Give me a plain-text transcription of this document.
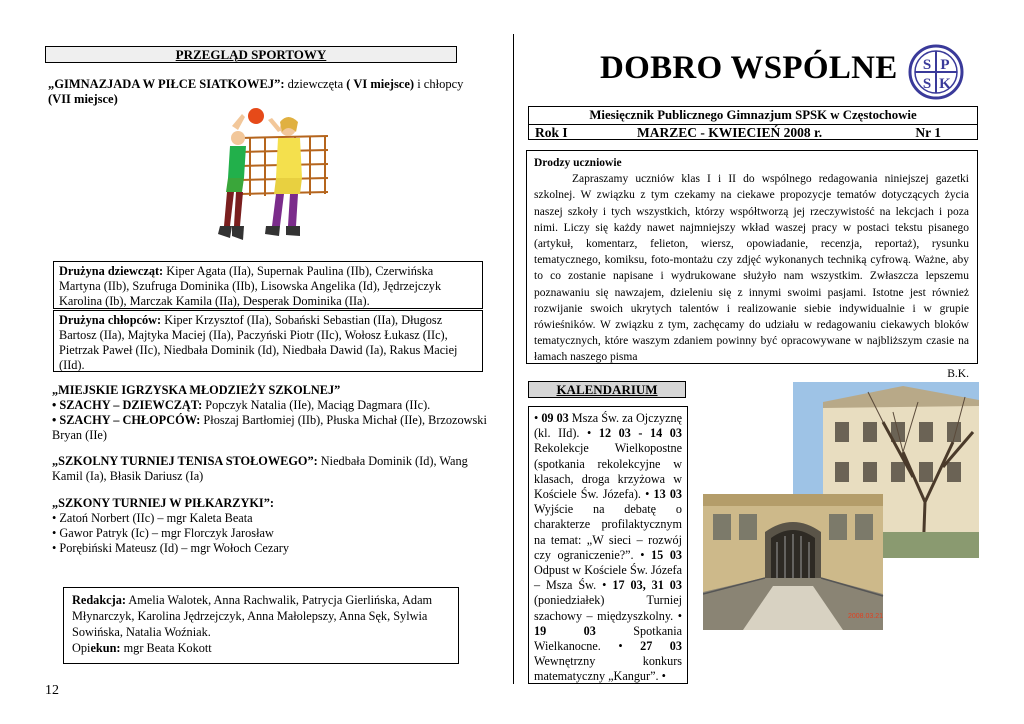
PRZEGLĄD SPORTOWY
„GIMNAZJADA W PIŁCE SIATKOWEJ”: dziewczęta ( VI miejsce) i chłopcy (VII miejsce)
Drużyna dziewcząt: Kiper Agata (IIa), Supernak Paulina (IIb), Czerwińska Martyna (IIb), Szufruga Dominika (IIb), Lisowska Angelika (Id), Jędrzejczyk Karolina (Ib), Marczak Kamila (IIa), Desperak Dominika (IIa).
Drużyna chłopców: Kiper Krzysztof (IIa), Sobański Sebastian (IIa), Długosz Bartosz (IIa), Majtyka Maciej (IIa), Paczyński Piotr (IIc), Wołosz Łukasz (IIc), Pietrzak Paweł (IIc), Niedbała Dominik (Id), Niedbała Dawid (Ia), Rakus Maciej (IId).
„MIEJSKIE IGRZYSKA MŁODZIEŻY SZKOLNEJ”
• SZACHY – DZIEWCZĄT: Popczyk Natalia (IIe), Maciąg Dagmara (IIc).
• SZACHY – CHŁOPCÓW: Płoszaj Bartłomiej (IIb), Płuska Michał (IIe), Brzozowski Bryan (IIe)
„SZKOLNY TURNIEJ TENISA STOŁOWEGO”: Niedbała Dominik (Id), Wang Kamil (Ia), Błasik Dariusz (Ia)
„SZKONY TURNIEJ W PIŁKARZYKI”:
• Zatoń Norbert (IIc) – mgr Kaleta Beata
• Gawor Patryk (Ic) – mgr Florczyk Jarosław
• Porębiński Mateusz (Id) – mgr Wołoch Cezary
Redakcja: Amelia Walotek, Anna Rachwalik, Patrycja Gierlińska, Adam Młynarczyk, Karolina Jędrzejczyk, Anna Małolepszy, Anna Sęk, Sylwia Sowińska, Natalia Woźniak.
Opiekun: mgr Beata Kokott
12
DOBRO WSPÓLNE S P
S K
Miesięcznik Publicznego Gimnazjum SPSK w Częstochowie
Rok I	MARZEC - KWIECIEŃ 2008 r.	Nr 1
Drodzy uczniowie
Zapraszamy uczniów klas I i II do wspólnego redagowania niniejszej gazetki szkolnej. W związku z tym czekamy na ciekawe propozycje tematów dotyczących życia naszej szkoły i tych wszystkich, którzy współtworzą jej rzeczywistość na lekcjach i poza nimi. Liczy się każdy nawet najmniejszy wkład waszej pracy w postaci tekstu pisanego (artykuł, komentarz, felieton, wiersz, opowiadanie, recenzja, reportaż), rysunku tematycznego, komiksu, foto-montażu czy zdjęć wykonanych techniką cyfrową. Ważne, aby to co zostanie napisane i wydrukowane służyło nam wszystkim. Zwłaszcza lepszemu poznawaniu się nawzajem, dzieleniu się z innymi swoimi pasjami. Istotne jest również rozwijanie swoich ukrytych talentów i realizowanie siebie indywidualnie i w grupie rówieśników. W związku z tym, zachęcamy do udziału w redagowaniu ciekawych bloków tematycznych, które waszym zdaniem powinny być opracowywane w najbliższym czasie na łamach naszego pisma
B.K.
KALENDARIUM
• 09 03 Msza Św. za Ojczyznę (kl. IId). • 12 03 - 14 03 Rekolekcje Wielkopostne (spotkania rekolekcyjne w klasach, droga krzyżowa w Kościele Św. Józefa). • 13 03 Wyjście na debatę o charakterze profilaktycznym na temat: „W sieci – rozwój czy ograniczenie?”. • 15 03 Odpust w Kościele Św. Józefa – Msza Św. • 17 03, 31 03 (poniedziałek) Turniej szachowy – międzyszkolny. • 19 03 Spotkania Wielkanocne. • 27 03 Wewnętrzny konkurs matematyczny „Kangur”. •
2008.03.21
